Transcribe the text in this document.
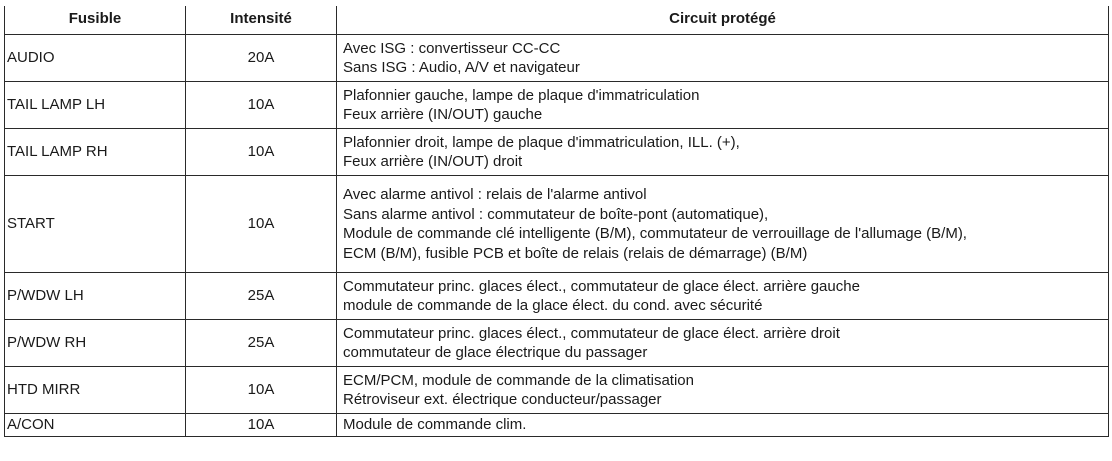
Fusible	Intensité	Circuit protégé
AUDIO	20A	Avec ISG : convertisseur CC-CC
Sans ISG : Audio, A/V et navigateur

TAIL LAMP LH	10A	Plafonnier gauche, lampe de plaque d'immatriculation
Feux arrière (IN/OUT) gauche

TAIL LAMP RH	10A	Plafonnier droit, lampe de plaque d'immatriculation, ILL. (+),
Feux arrière (IN/OUT) droit

START	10A	Avec alarme antivol : relais de l'alarme antivol
Sans alarme antivol : commutateur de boîte-pont (automatique),
Module de commande clé intelligente (B/M), commutateur de verrouillage de l'allumage (B/M),
ECM (B/M), fusible PCB et boîte de relais (relais de démarrage) (B/M)

P/WDW LH	25A	Commutateur princ. glaces élect., commutateur de glace élect. arrière gauche
module de commande de la glace élect. du cond. avec sécurité

P/WDW RH	25A	Commutateur princ. glaces élect., commutateur de glace élect. arrière droit
commutateur de glace électrique du passager

HTD MIRR	10A	ECM/PCM, module de commande de la climatisation
Rétroviseur ext. électrique conducteur/passager

A/CON	10A	Module de commande clim.
